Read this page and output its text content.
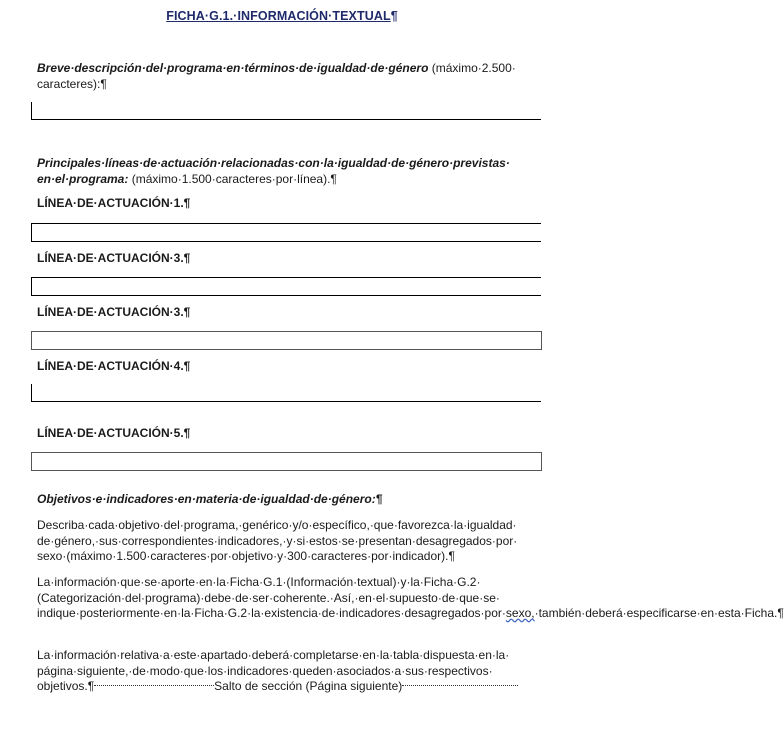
FICHA·G.1.·INFORMACIÓN·TEXTUAL¶
Breve·descripción·del·programa·en·términos·de·igualdad·de·género (máximo·2.500· caracteres):¶
Principales·líneas·de·actuación·relacionadas·con·la·igualdad·de·género·previstas· en·el·programa: (máximo·1.500·caracteres·por·línea).¶
LÍNEA·DE·ACTUACIÓN·1.¶
LÍNEA·DE·ACTUACIÓN·3.¶
LÍNEA·DE·ACTUACIÓN·3.¶
LÍNEA·DE·ACTUACIÓN·4.¶
LÍNEA·DE·ACTUACIÓN·5.¶
Objetivos·e·indicadores·en·materia·de·igualdad·de·género:¶
Describa·cada·objetivo·del·programa,·genérico·y/o·específico,·que·favorezca·la·igualdad· de·género,·sus·correspondientes·indicadores,·y·si·estos·se·presentan·desagregados·por· sexo·(máximo·1.500·caracteres·por·objetivo·y·300·caracteres·por·indicador).¶
La·información·que·se·aporte·en·la·Ficha·G.1·(Información·textual)·y·la·Ficha·G.2· (Categorización·del·programa)·debe·de·ser·coherente.·Así,·en·el·supuesto·de·que·se· indique·posteriormente·en·la·Ficha·G.2·la·existencia·de·indicadores·desagregados·por·sexo,·también·deberá·especificarse·en·esta·Ficha.¶
La·información·relativa·a·este·apartado·deberá·completarse·en·la·tabla·dispuesta·en·la· página·siguiente,·de·modo·que·los·indicadores·queden·asociados·a·sus·respectivos· objetivos.¶	Salto de sección (Página siguiente)
